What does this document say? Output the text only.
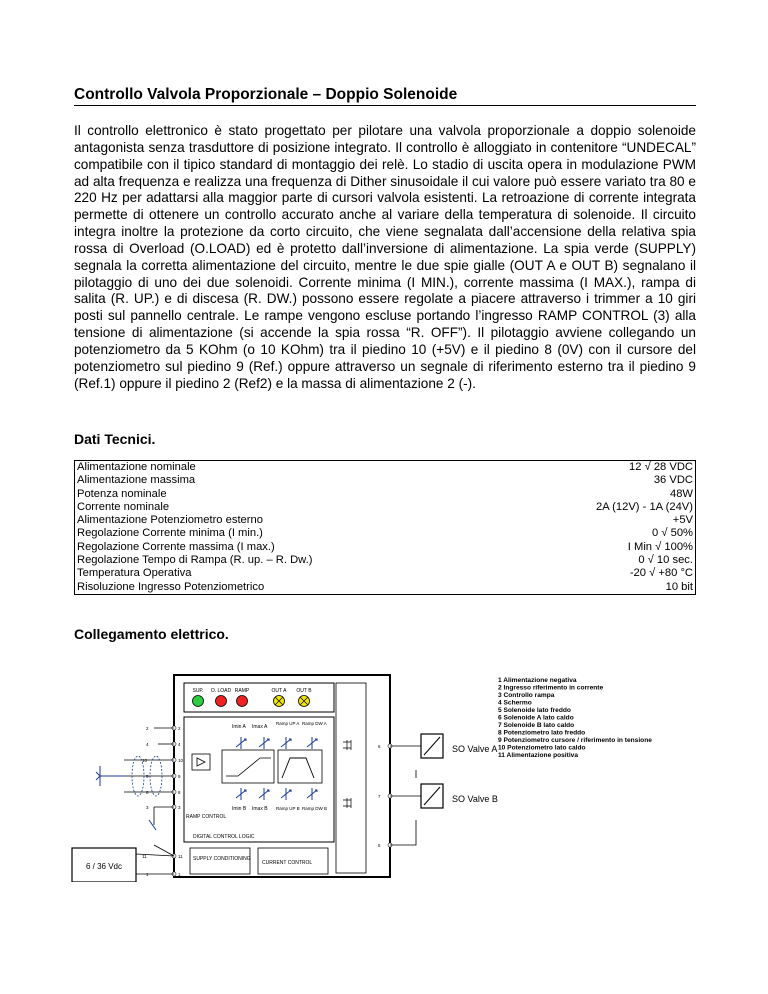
Controllo Valvola Proporzionale – Doppio Solenoide
Il controllo elettronico è stato progettato per pilotare una valvola proporzionale a doppio solenoide antagonista senza trasduttore di posizione integrato. Il controllo è alloggiato in contenitore “UNDECAL” compatibile con il tipico standard di montaggio dei relè. Lo stadio di uscita opera in modulazione PWM ad alta frequenza e realizza una frequenza di Dither sinusoidale il cui valore può essere variato tra 80 e 220 Hz per adattarsi alla maggior parte di cursori valvola esistenti. La retroazione di corrente integrata permette di ottenere un controllo accurato anche al variare della temperatura di solenoide. Il circuito integra inoltre la protezione da corto circuito, che viene segnalata dall’accensione della relativa spia rossa di Overload (O.LOAD) ed è protetto dall’inversione di alimentazione. La spia verde (SUPPLY) segnala la corretta alimentazione del circuito, mentre le due spie gialle (OUT A e OUT B) segnalano il pilotaggio di uno dei due solenoidi. Corrente minima (I MIN.), corrente massima (I MAX.), rampa di salita (R. UP.) e di discesa (R. DW.) possono essere regolate a piacere attraverso i trimmer a 10 giri posti sul pannello centrale. Le rampe vengono escluse portando l’ingresso RAMP CONTROL (3) alla tensione di alimentazione (si accende la spia rossa “R. OFF”). Il pilotaggio avviene collegando un potenziometro da 5 KOhm (o 10 KOhm) tra il piedino 10 (+5V) e il piedino 8 (0V) con il cursore del potenziometro sul piedino 9 (Ref.) oppure attraverso un segnale di riferimento esterno tra il piedino 9 (Ref.1) oppure il piedino 2 (Ref2) e la massa di alimentazione 2 (-).
Dati Tecnici.
Alimentazione nominale	12 √ 28 VDC
Alimentazione massima	36 VDC
Potenza nominale	48W
Corrente nominale	2A (12V) - 1A (24V)
Alimentazione Potenziometro esterno	+5V
Regolazione Corrente minima (I min.)	0 √ 50%
Regolazione Corrente massima (I max.)	I Min √ 100%
Regolazione Tempo di Rampa (R. up. – R. Dw.)	0 √ 10 sec.
Temperatura Operativa	-20 √ +80 °C
Risoluzione Ingresso Potenziometrico	10 bit
Collegamento elettrico.
SUP. O. LOAD RAMP	OUT A OUT B
Imin A Imax A
Ramp UP A Ramp DW A
Imin B Imax B Ramp UP B Ramp DW B
RAMP CONTROL
DIGITAL CONTROL LOGIC
SUPPLY CONDITIONING
CURRENT CONTROL
2	2
4	4
10	10
9	9
8	8
3	3
11	11
1	1
6
7
5
6 / 36 Vdc
SO Valve A
SO Valve B
1 Alimentazione negativa
2 Ingresso riferimento in corrente
3 Controllo rampa
4 Schermo
5 Solenoide lato freddo
6 Solenoide A lato caldo
7 Solenoide B lato caldo
8 Potenziometro lato freddo
9 Potenziometro cursore / riferimento in tensione
10 Potenziometro lato caldo
11 Alimentazione positiva
